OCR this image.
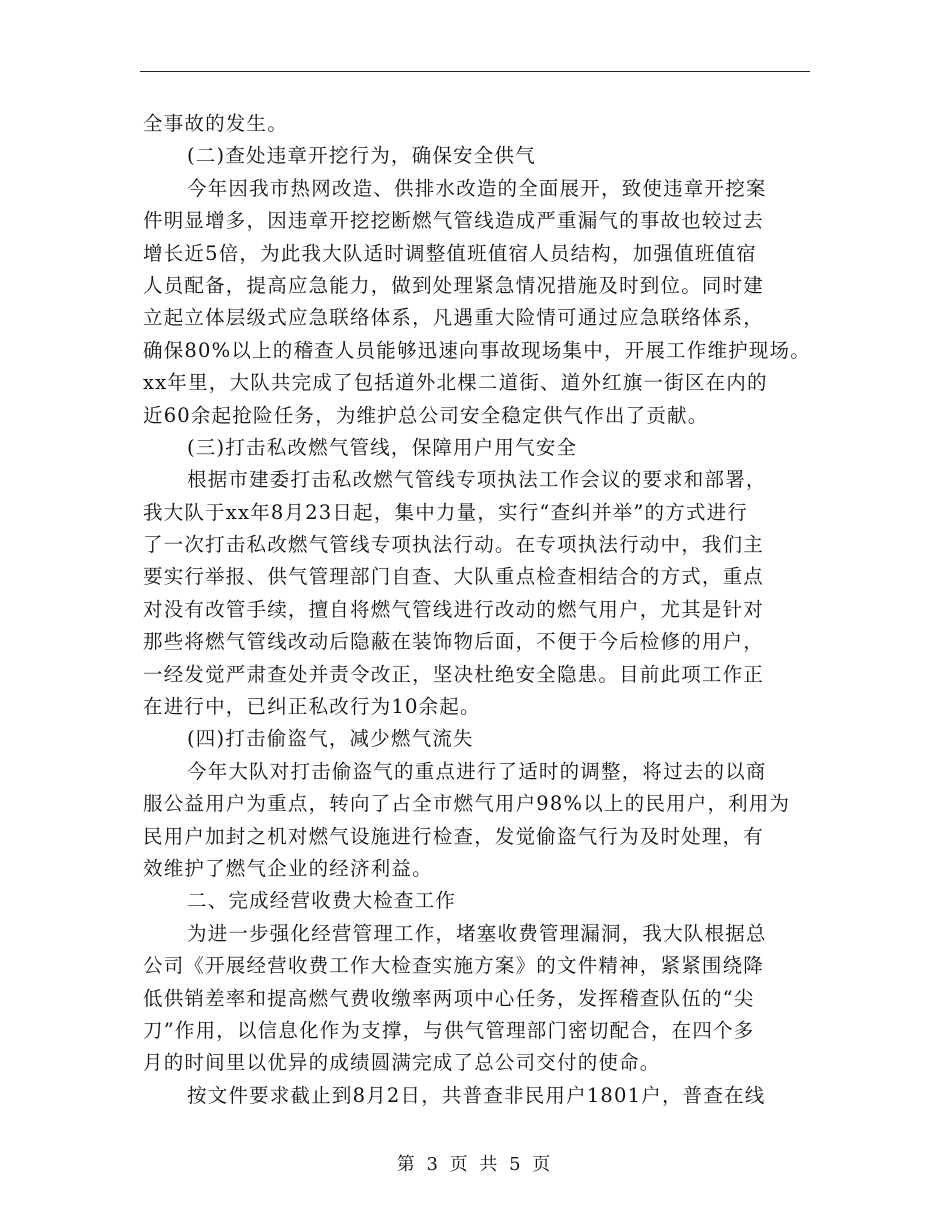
全事故的发生。
(二)查处违章开挖行为，确保安全供气
今年因我市热网改造、供排水改造的全面展开，致使违章开挖案
件明显增多，因违章开挖挖断燃气管线造成严重漏气的事故也较过去
增长近5倍，为此我大队适时调整值班值宿人员结构，加强值班值宿
人员配备，提高应急能力，做到处理紧急情况措施及时到位。同时建
立起立体层级式应急联络体系，凡遇重大险情可通过应急联络体系，
确保80%以上的稽查人员能够迅速向事故现场集中，开展工作维护现场。
xx年里，大队共完成了包括道外北棵二道街、道外红旗一街区在内的
近60余起抢险任务，为维护总公司安全稳定供气作出了贡献。
(三)打击私改燃气管线，保障用户用气安全
根据市建委打击私改燃气管线专项执法工作会议的要求和部署，
我大队于xx年8月23日起，集中力量，实行“查纠并举”的方式进行
了一次打击私改燃气管线专项执法行动。在专项执法行动中，我们主
要实行举报、供气管理部门自查、大队重点检查相结合的方式，重点
对没有改管手续，擅自将燃气管线进行改动的燃气用户，尤其是针对
那些将燃气管线改动后隐蔽在装饰物后面，不便于今后检修的用户，
一经发觉严肃查处并责令改正，坚决杜绝安全隐患。目前此项工作正
在进行中，已纠正私改行为10余起。
(四)打击偷盗气，减少燃气流失
今年大队对打击偷盗气的重点进行了适时的调整，将过去的以商
服公益用户为重点，转向了占全市燃气用户98%以上的民用户，利用为
民用户加封之机对燃气设施进行检查，发觉偷盗气行为及时处理，有
效维护了燃气企业的经济利益。
二、完成经营收费大检查工作
为进一步强化经营管理工作，堵塞收费管理漏洞，我大队根据总
公司《开展经营收费工作大检查实施方案》的文件精神，紧紧围绕降
低供销差率和提高燃气费收缴率两项中心任务，发挥稽查队伍的“尖
刀”作用，以信息化作为支撑，与供气管理部门密切配合，在四个多
月的时间里以优异的成绩圆满完成了总公司交付的使命。
按文件要求截止到8月2日，共普查非民用户1801户，普查在线
第 3 页 共 5 页
